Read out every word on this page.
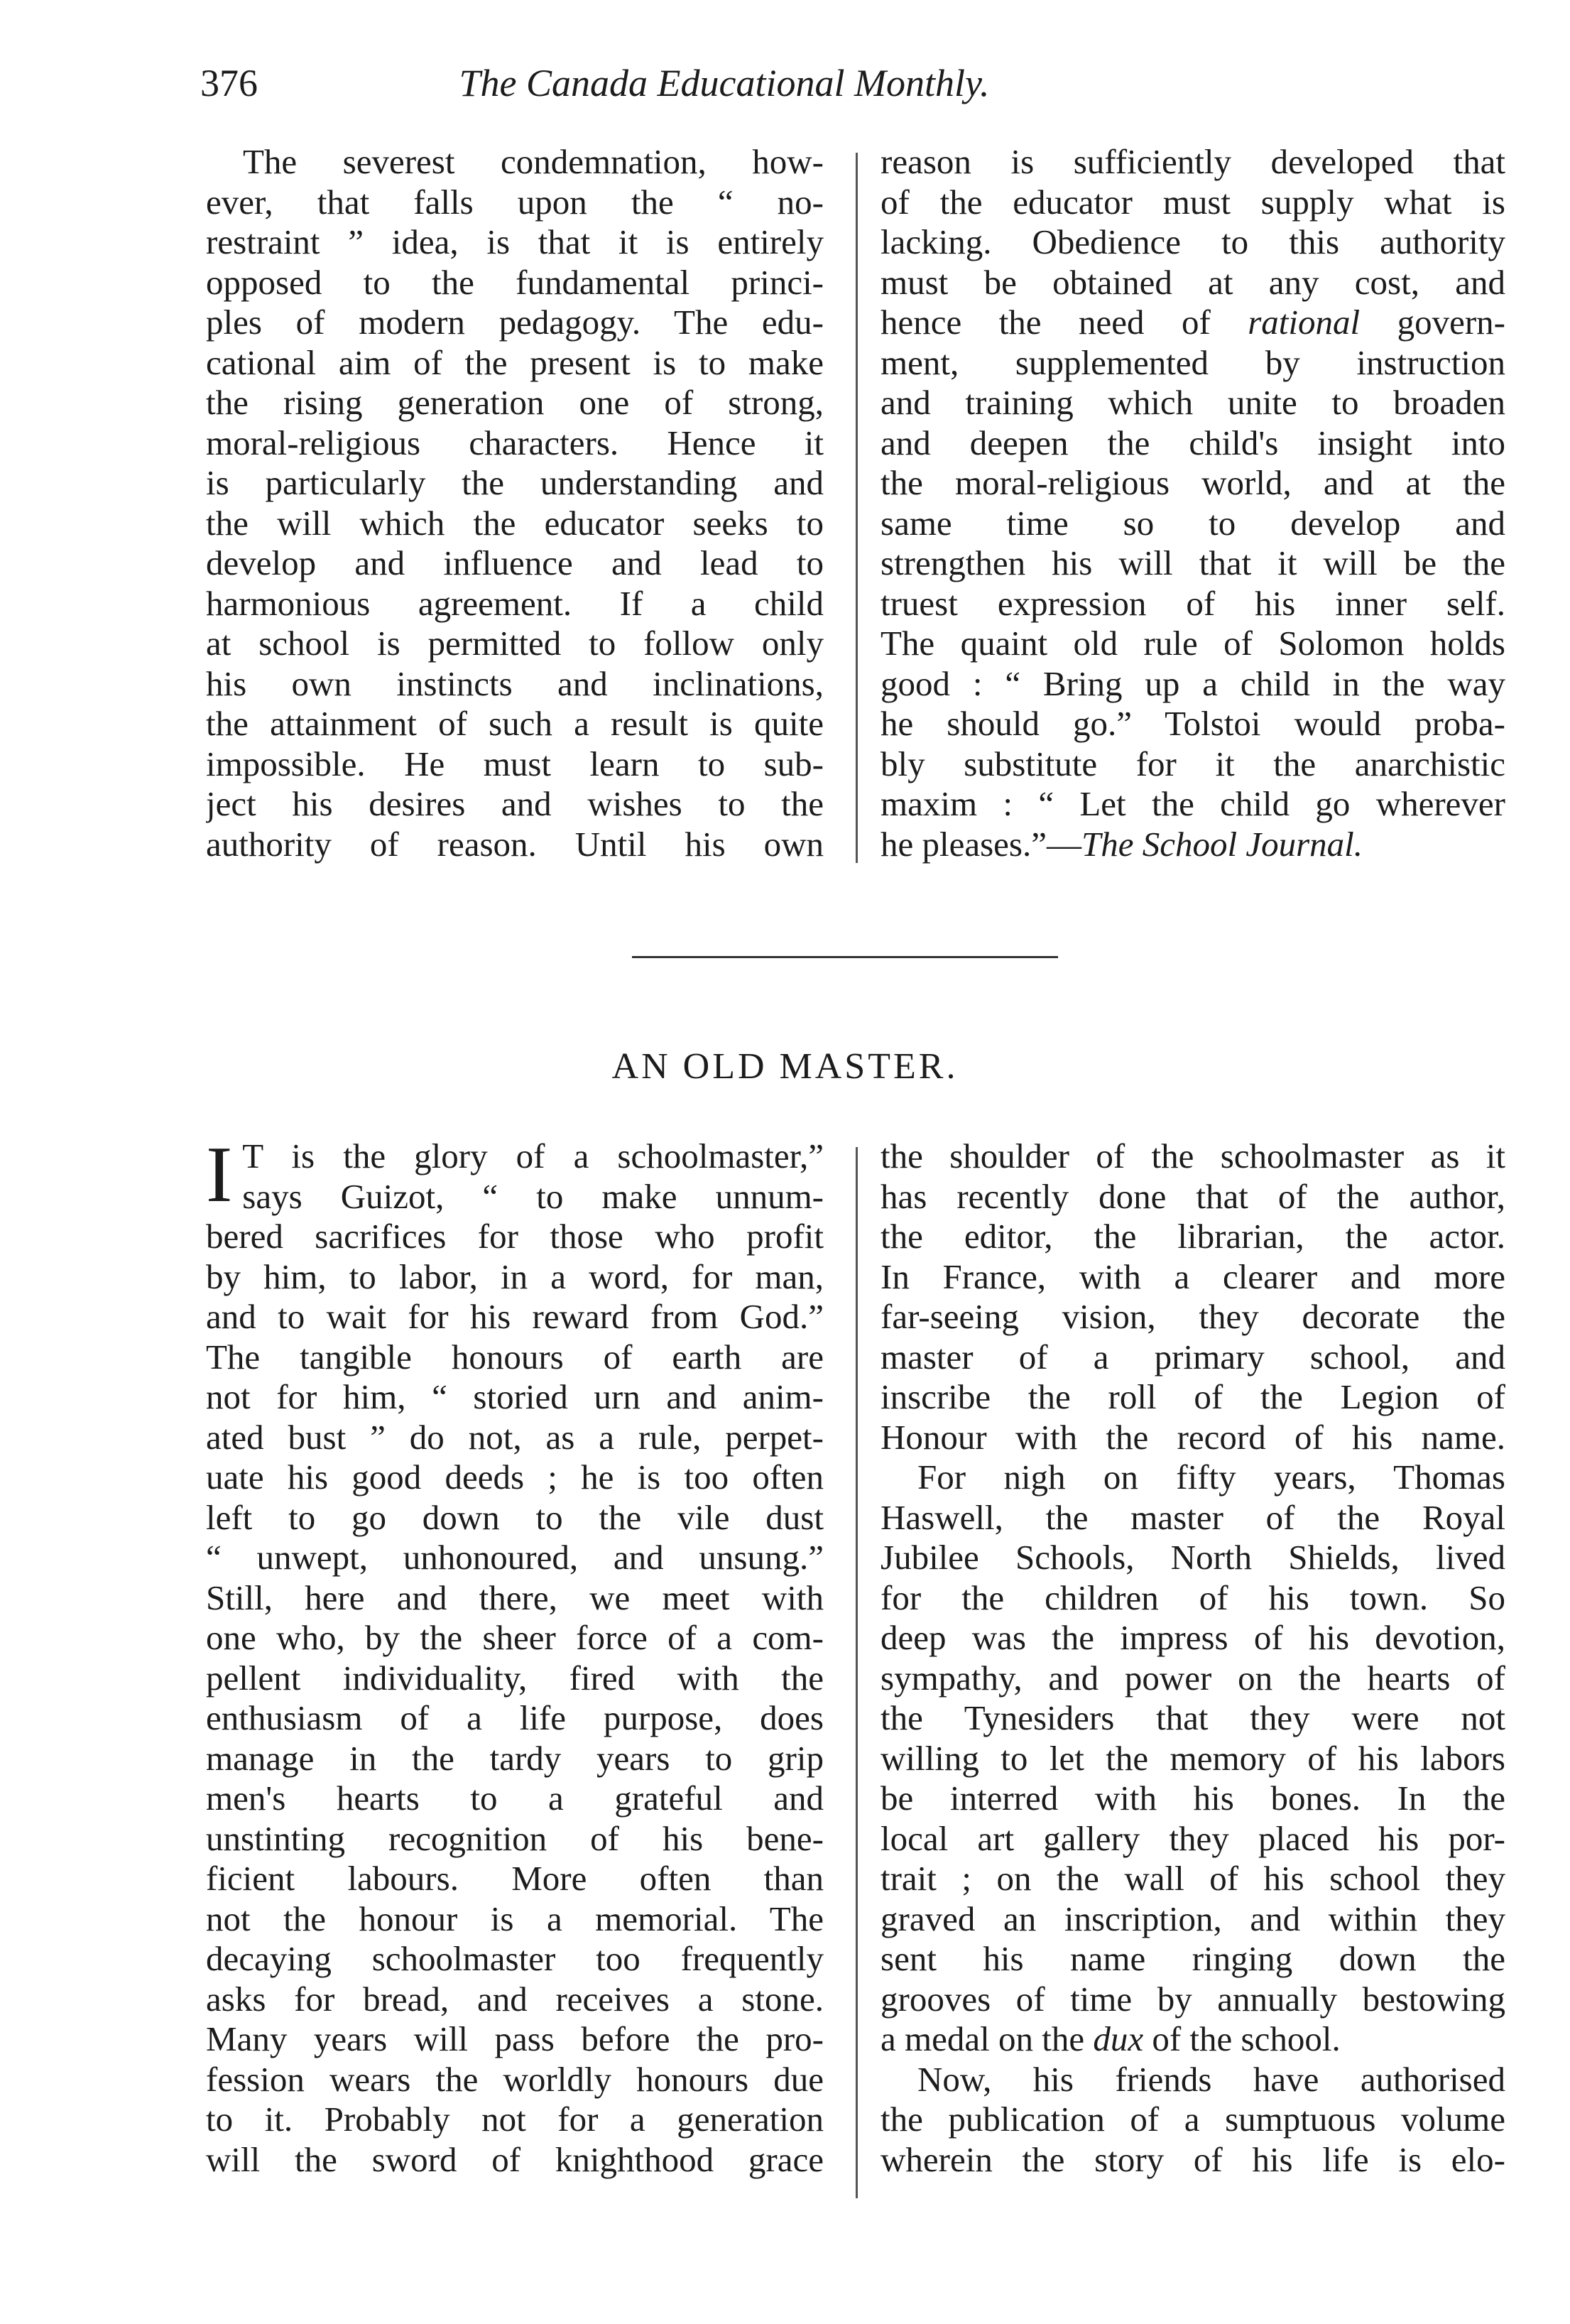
376	The Canada Educational Monthly.
The severest condemnation, how-
ever, that falls upon the “ no-
restraint ” idea, is that it is entirely
opposed to the fundamental princi-
ples of modern pedagogy. The edu-
cational aim of the present is to make
the rising generation one of strong,
moral-religious characters. Hence it
is particularly the understanding and
the will which the educator seeks to
develop and influence and lead to
harmonious agreement. If a child
at school is permitted to follow only
his own instincts and inclinations,
the attainment of such a result is quite
impossible. He must learn to sub-
ject his desires and wishes to the
authority of reason. Until his own
reason is sufficiently developed that
of the educator must supply what is
lacking. Obedience to this authority
must be obtained at any cost, and
hence the need of rational govern-
ment, supplemented by instruction
and training which unite to broaden
and deepen the child's insight into
the moral-religious world, and at the
same time so to develop and
strengthen his will that it will be the
truest expression of his inner self.
The quaint old rule of Solomon holds
good : “ Bring up a child in the way
he should go.” Tolstoi would proba-
bly substitute for it the anarchistic
maxim : “ Let the child go wherever
he pleases.”—The School Journal.
AN OLD MASTER.
I T is the glory of a schoolmaster,”
says Guizot, “ to make unnum-
bered sacrifices for those who profit
by him, to labor, in a word, for man,
and to wait for his reward from God.”
The tangible honours of earth are
not for him, “ storied urn and anim-
ated bust ” do not, as a rule, perpet-
uate his good deeds ; he is too often
left to go down to the vile dust
“ unwept, unhonoured, and unsung.”
Still, here and there, we meet with
one who, by the sheer force of a com-
pellent individuality, fired with the
enthusiasm of a life purpose, does
manage in the tardy years to grip
men's hearts to a grateful and
unstinting recognition of his bene-
ficient labours. More often than
not the honour is a memorial. The
decaying schoolmaster too frequently
asks for bread, and receives a stone.
Many years will pass before the pro-
fession wears the worldly honours due
to it. Probably not for a generation
will the sword of knighthood grace
the shoulder of the schoolmaster as it
has recently done that of the author,
the editor, the librarian, the actor.
In France, with a clearer and more
far-seeing vision, they decorate the
master of a primary school, and
inscribe the roll of the Legion of
Honour with the record of his name.
For nigh on fifty years, Thomas
Haswell, the master of the Royal
Jubilee Schools, North Shields, lived
for the children of his town. So
deep was the impress of his devotion,
sympathy, and power on the hearts of
the Tynesiders that they were not
willing to let the memory of his labors
be interred with his bones. In the
local art gallery they placed his por-
trait ; on the wall of his school they
graved an inscription, and within they
sent his name ringing down the
grooves of time by annually bestowing
a medal on the dux of the school.
Now, his friends have authorised
the publication of a sumptuous volume
wherein the story of his life is elo-
